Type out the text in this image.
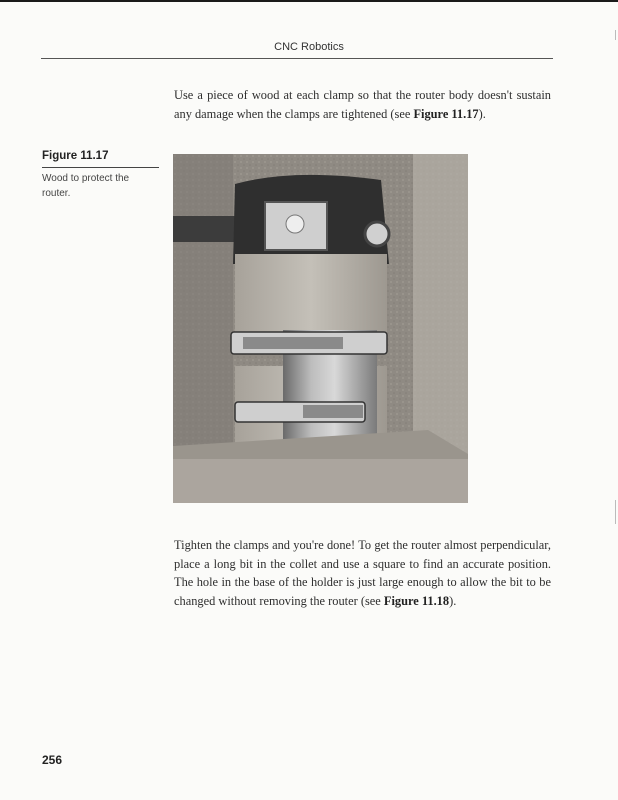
CNC Robotics

Use a piece of wood at each clamp so that the router body doesn't sustain any damage when the clamps are tightened (see Figure 11.17).

Figure 11.17
Wood to protect the router.

Tighten the clamps and you're done! To get the router almost perpendicular, place a long bit in the collet and use a square to find an accurate position. The hole in the base of the holder is just large enough to allow the bit to be changed without removing the router (see Figure 11.18).

256
